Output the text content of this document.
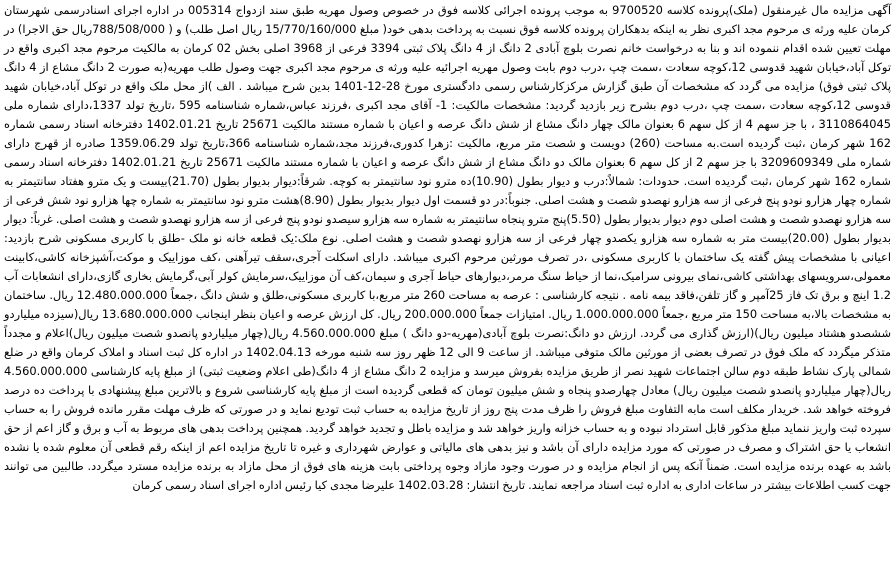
آگهی مزایده مال غیرمنقول (ملک)پرونده کلاسه 9700520 به موجب پرونده اجرائی کلاسه فوق در خصوص وصول مهریه طبق سند ازدواج 005314 در اداره اجرای اسنادرسمی شهرستان کرمان علیه ورثه ی مرحوم مجد اکبری نظر به اینکه بدهکاران پرونده کلاسه فوق نسبت به پرداخت بدهی خود( مبلغ 15/770/160/000 ریال اصل طلب) و ( 788/508/000ریال حق الاجرا) در مهلت تعیین شده اقدام ننموده اند و بنا به درخواست خانم نصرت بلوچ آبادی 2 دانگ از 4 دانگ پلاک ثبتی 3394 فرعی از 3968 اصلی بخش 02 کرمان به مالکیت مرحوم مجد اکبری واقع در توکل آباد،خیابان شهید قدوسی 12،کوچه سعادت ،سمت چپ ،درب دوم بابت وصول مهریه اجرائیه علیه ورثه ی مرحوم مجد اکبری جهت وصول طلب مهریه(به صورت 2 دانگ مشاع از 4 دانگ پلاک ثبتی فوق) مزایده می گردد که مشخصات آن طبق گزارش مرکزکارشناس رسمی دادگستری مورخ 28-12-1401 بدین شرح میباشد . الف )از محل ملک واقع در توکل آباد،خیابان شهید قدوسی 12،کوچه سعادت ،سمت چپ ،درب دوم بشرح زیر بازدید گردید: مشخصات مالکیت: 1- آقای مجد اکبری ،فرزند عباس،شماره شناسنامه 595 ،تاریخ تولد 1337،دارای شماره ملی 3110864045 ، با جز سهم 4 از کل سهم 6 بعنوان مالک چهار دانگ مشاع از شش دانگ عرصه و اعیان با شماره مستند مالکیت 25671 تاریخ 1402.01.21 دفترخانه اسناد رسمی شماره 162 شهر کرمان ،ثبت گردیده است.به مساحت (260) دویست و شصت متر مربع، مالکیت :زهرا کدوری،فرزند مجد،شماره شناسنامه 366،تاریخ تولد 1359.06.29 صادره از قهرج دارای شماره ملی 3209609349 با جز سهم 2 از کل سهم 6 بعنوان مالک دو دانگ مشاع از شش دانگ عرصه و اعیان با شماره مستند مالکیت 25671 تاریخ 1402.01.21 دفترخانه اسناد رسمی شماره 162 شهر کرمان ،ثبت گردیده است. حدودات: شمالاً:درب و دیوار بطول (10.90)ده مترو نود سانتیمتر به کوچه. شرقاً:دیوار بدیوار بطول (21.70)بیست و یک مترو هفتاد سانتیمتر به شماره چهار هزارو نودو پنج فرعی از سه هزارو نهصدو شصت و هشت اصلی. جنوباً:در دو قسمت اول دیوار بدیوار بطول (8.90)هشت مترو نود سانتیمتر به شماره چها هزارو نود شش فرعی از سه هزارو نهصدو شصت و هشت اصلی دوم دیوار بدیوار بطول (5.50)پنج مترو پنجاه سانتیمتر به شماره سه هزارو سیصدو نودو پنج فرعی از سه هزارو نهصدو شصت و هشت اصلی. غرباً: دیوار بدیوار بطول (20.00)بیست متر به شماره سه هزارو یکصدو چهار فرعی از سه هزارو نهصدو شصت و هشت اصلی. نوع ملک:یک قطعه خانه نو ملک -طلق با کاربری مسکونی شرح بازدید: اعیانی با مشخصات پیش گفته یک ساختمان با کاربری مسکونی ،در تصرف مورثین مرحوم اکبری میباشد. دارای اسکلت آجری،سقف تیرآهنی ،کف موزاییک و موکت،آشپزخانه کاشی،کابینت معمولی،سرویسهای بهداشتی کاشی،نمای بیرونی سرامیک،نما از حیاط سنگ مرمر،دیوارهای حیاط آجری و سیمان،کف آن موزاییک،سرمایش کولر آبی،گرمایش بخاری گازی،دارای انشعابات آب 1.2 اینچ و برق تک فاز 25آمپر و گاز تلفن،فاقد بیمه نامه . نتیجه کارشناسی : عرصه به مساحت 260 متر مربع،با کاربری مسکونی،طلق و شش دانگ ،جمعاً 12.480.000.000 ریال. ساختمان به مشخصات بالا،به مساحت 150 متر مربع ،جمعاً 1.000.000.000 ریال. امتیازات جمعاً 200.000.000 ریال. کل ارزش عرصه و اعیان بنظر اینجانب 13.680.000.000 ریال(سیزده میلیاردو ششصدو هشتاد میلیون ریال)(ارزش گذاری می گردد. ارزش دو دانگ:نصرت بلوچ آبادی(مهریه-دو دانگ ) مبلغ 4.560.000.000 ریال(چهار میلیاردو پانصدو شصت میلیون ریال)اعلام و مجدداً متذکر میگردد که ملک فوق در تصرف بعضی از مورثین مالک متوفی میباشد. از ساعت 9 الی 12 ظهر روز سه شنبه مورخه 1402.04.13 در اداره کل ثبت اسناد و املاک کرمان واقع در ضلع شمالی پارک نشاط طبقه دوم سالن اجتماعات شهید نصر از طریق مزایده بفروش میرسد و مزایده 2 دانگ مشاع از 4 دانگ(طی اعلام وضعیت ثبتی) از مبلغ پایه کارشناسی 4.560.000.000 ریال(چهار میلیاردو پانصدو شصت میلیون ریال) معادل چهارصدو پنجاه و شش میلیون تومان که قطعی گردیده است از مبلغ پایه کارشناسی شروع و بالاترین مبلغ پیشنهادی با پرداخت ده درصد فروخته خواهد شد. خریدار مکلف است مابه التفاوت مبلغ فروش را ظرف مدت پنج روز از تاریخ مزایده به حساب ثبت تودیع نماید و در صورتی که ظرف مهلت مقرر مانده فروش را به حساب سپرده ثبت واریز ننماید مبلغ مذکور قابل استرداد نبوده و به حساب خزانه واریز خواهد شد و مزایده باطل و تجدید خواهد گردید. همچنین پرداخت بدهی های مربوط به آب و برق و گاز اعم از حق انشعاب یا حق اشتراک و مصرف در صورتی که مورد مزایده دارای آن باشد و نیز بدهی های مالیاتی و عوارض شهرداری و غیره تا تاریخ مزایده اعم از اینکه رقم قطعی آن معلوم شده یا نشده باشد به عهده برنده مزایده است. ضمناً آنکه پس از انجام مزایده و در صورت وجود مازاد وجوه پرداختی بابت هزینه های فوق از محل مازاد به برنده مزایده مسترد میگردد. طالبین می توانند جهت کسب اطلاعات بیشتر در ساعات اداری به اداره ثبت اسناد مراجعه نمایند. تاریخ انتشار: 1402.03.28 علیرضا مجدی کیا رئیس اداره اجرای اسناد رسمی کرمان
